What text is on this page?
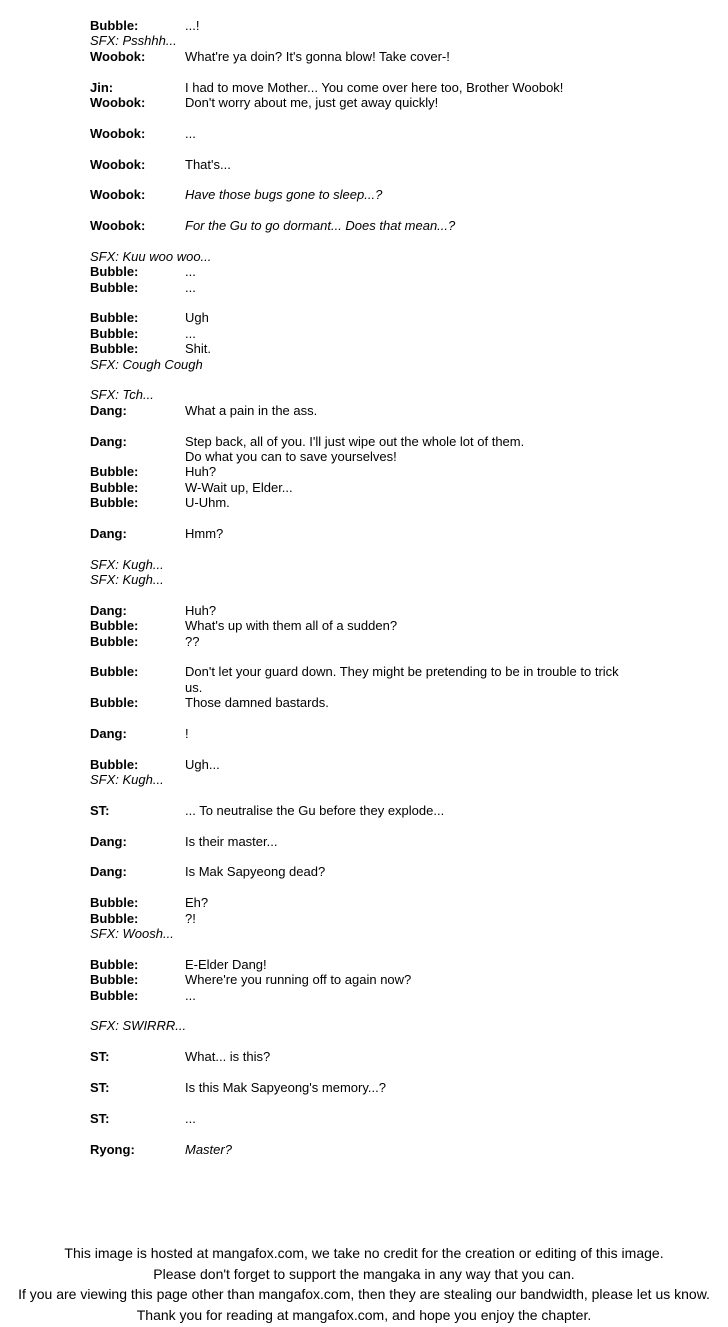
Bubble:	...!
SFX: Psshhh...
Woobok:	What're ya doin? It's gonna blow! Take cover-!
Jin:	I had to move Mother... You come over here too, Brother Woobok!
Woobok:	Don't worry about me, just get away quickly!
Woobok:	...
Woobok:	That's...
Woobok:	Have those bugs gone to sleep...?
Woobok:	For the Gu to go dormant... Does that mean...?
SFX: Kuu woo woo...
Bubble:	...
Bubble:	...
Bubble:	Ugh
Bubble:	...
Bubble:	Shit.
SFX: Cough Cough
SFX: Tch...
Dang:	What a pain in the ass.
Dang:	Step back, all of you. I'll just wipe out the whole lot of them.
Do what you can to save yourselves!
Bubble:	Huh?
Bubble:	W-Wait up, Elder...
Bubble:	U-Uhm.
Dang:	Hmm?
SFX: Kugh...
SFX: Kugh...
Dang:	Huh?
Bubble:	What's up with them all of a sudden?
Bubble:	??
Bubble:	Don't let your guard down. They might be pretending to be in trouble to trick
us.
Bubble:	Those damned bastards.
Dang:	!
Bubble:	Ugh...
SFX: Kugh...
ST:	... To neutralise the Gu before they explode...
Dang:	Is their master...
Dang:	Is Mak Sapyeong dead?
Bubble:	Eh?
Bubble:	?!
SFX: Woosh...
Bubble:	E-Elder Dang!
Bubble:	Where're you running off to again now?
Bubble:	...
SFX: SWIRRR...
ST:	What... is this?
ST:	Is this Mak Sapyeong's memory...?
ST:	...
Ryong:	Master?
This image is hosted at mangafox.com, we take no credit for the creation or editing of this image.
Please don't forget to support the mangaka in any way that you can.
If you are viewing this page other than mangafox.com, then they are stealing our bandwidth, please let us know.
Thank you for reading at mangafox.com, and hope you enjoy the chapter.
